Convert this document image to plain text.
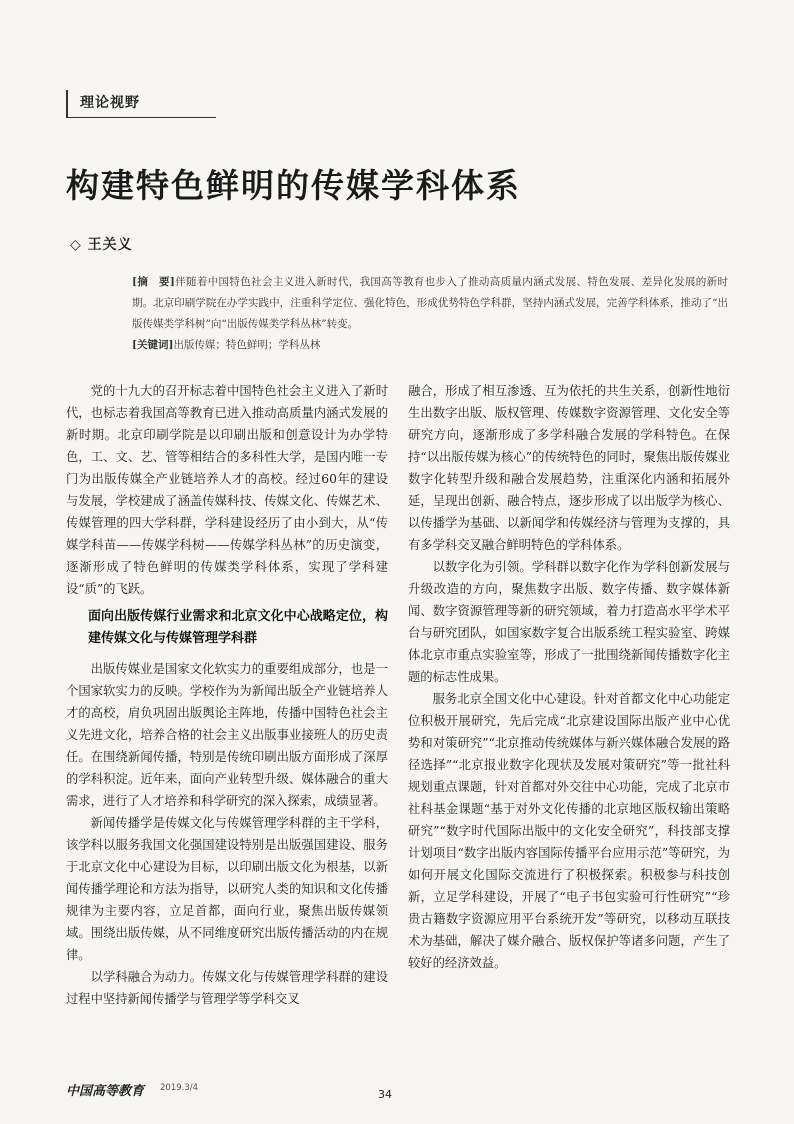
理论视野
构建特色鲜明的传媒学科体系
◇ 王关义
[摘　要]伴随着中国特色社会主义进入新时代，我国高等教育也步入了推动高质量内涵式发展、特色发展、差异化发展的新时期。北京印刷学院在办学实践中，注重科学定位、强化特色，形成优势特色学科群，坚持内涵式发展，完善学科体系，推动了“出版传媒类学科树”向“出版传媒类学科丛林”转变。
[关键词]出版传媒；特色鲜明；学科丛林

党的十九大的召开标志着中国特色社会主义进入了新时代，也标志着我国高等教育已进入推动高质量内涵式发展的新时期。北京印刷学院是以印刷出版和创意设计为办学特色，工、文、艺、管等相结合的多科性大学，是国内唯一专门为出版传媒全产业链培养人才的高校。经过60年的建设与发展，学校建成了涵盖传媒科技、传媒文化、传媒艺术、传媒管理的四大学科群，学科建设经历了由小到大，从“传媒学科苗——传媒学科树——传媒学科丛林”的历史演变，逐渐形成了特色鲜明的传媒类学科体系，实现了学科建设“质”的飞跃。

面向出版传媒行业需求和北京文化中心战略定位，构建传媒文化与传媒管理学科群

出版传媒业是国家文化软实力的重要组成部分，也是一个国家软实力的反映。学校作为为新闻出版全产业链培养人才的高校，肩负巩固出版舆论主阵地，传播中国特色社会主义先进文化，培养合格的社会主义出版事业接班人的历史责任。在围绕新闻传播，特别是传统印刷出版方面形成了深厚的学科积淀。近年来，面向产业转型升级、媒体融合的重大需求，进行了人才培养和科学研究的深入探索，成绩显著。

新闻传播学是传媒文化与传媒管理学科群的主干学科，该学科以服务我国文化强国建设特别是出版强国建设、服务于北京文化中心建设为目标，以印刷出版文化为根基，以新闻传播学理论和方法为指导，以研究人类的知识和文化传播规律为主要内容，立足首都，面向行业，聚焦出版传媒领域。围绕出版传媒，从不同维度研究出版传播活动的内在规律。

以学科融合为动力。传媒文化与传媒管理学科群的建设过程中坚持新闻传播学与管理学等学科交叉

融合，形成了相互渗透、互为依托的共生关系，创新性地衍生出数字出版、版权管理、传媒数字资源管理、文化安全等研究方向，逐渐形成了多学科融合发展的学科特色。在保持“以出版传媒为核心”的传统特色的同时，聚焦出版传媒业数字化转型升级和融合发展趋势，注重深化内涵和拓展外延，呈现出创新、融合特点，逐步形成了以出版学为核心、以传播学为基础、以新闻学和传媒经济与管理为支撑的，具有多学科交叉融合鲜明特色的学科体系。

以数字化为引领。学科群以数字化作为学科创新发展与升级改造的方向，聚焦数字出版、数字传播、数字媒体新闻、数字资源管理等新的研究领域，着力打造高水平学术平台与研究团队，如国家数字复合出版系统工程实验室、跨媒体北京市重点实验室等，形成了一批围绕新闻传播数字化主题的标志性成果。

服务北京全国文化中心建设。针对首都文化中心功能定位积极开展研究，先后完成“北京建设国际出版产业中心优势和对策研究”“北京推动传统媒体与新兴媒体融合发展的路径选择”“北京报业数字化现状及发展对策研究”等一批社科规划重点课题，针对首都对外交往中心功能，完成了北京市社科基金课题“基于对外文化传播的北京地区版权输出策略研究”“数字时代国际出版中的文化安全研究”，科技部支撑计划项目“数字出版内容国际传播平台应用示范”等研究，为如何开展文化国际交流进行了积极探索。积极参与科技创新，立足学科建设，开展了“电子书包实验可行性研究”“珍贵古籍数字资源应用平台系统开发”等研究，以移动互联技术为基础，解决了媒介融合、版权保护等诸多问题，产生了较好的经济效益。

中国高等教育 2019.3/4	34
